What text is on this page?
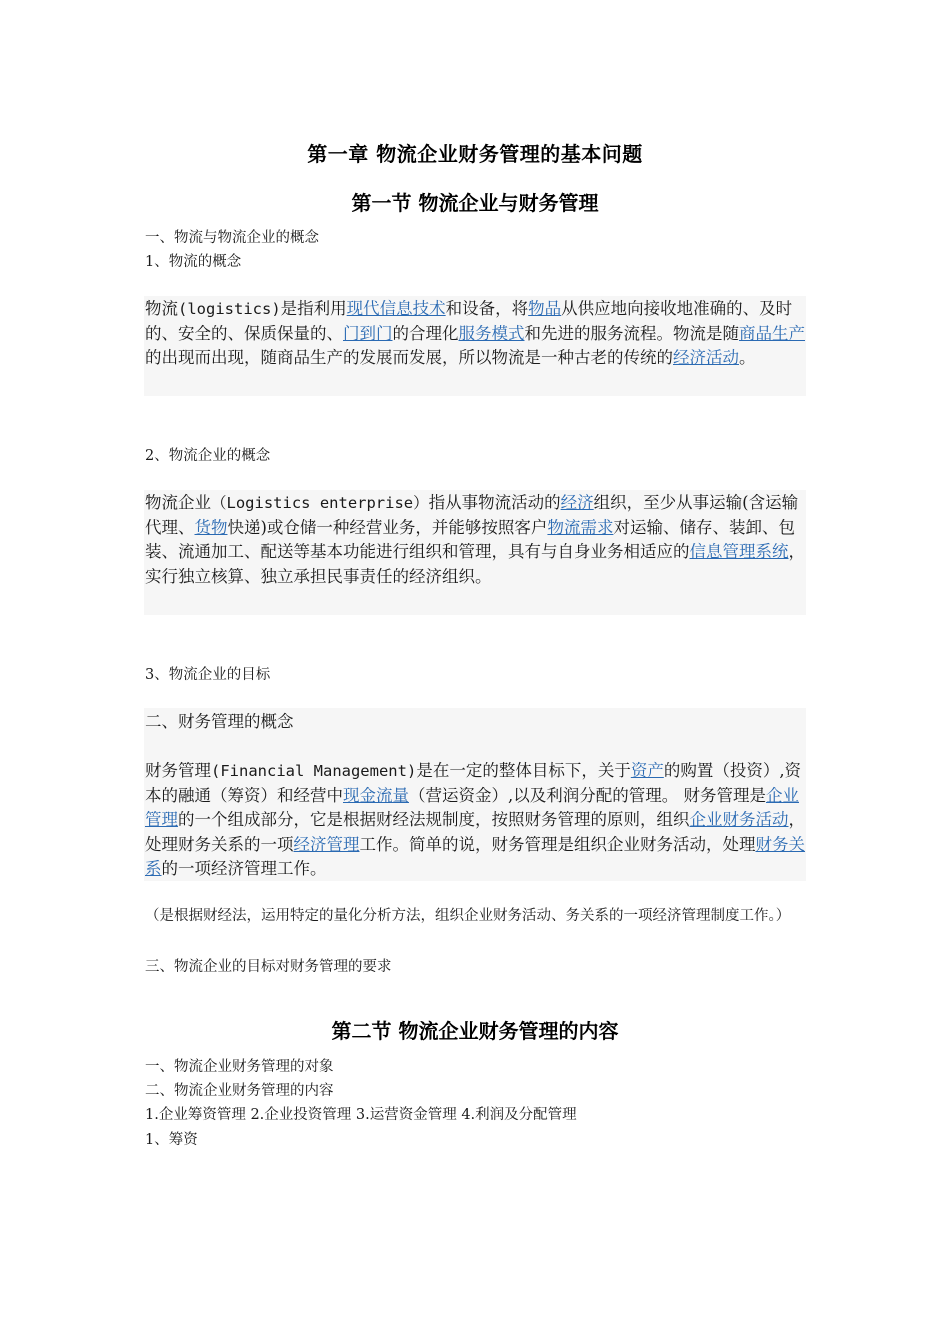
第一章 物流企业财务管理的基本问题
第一节 物流企业与财务管理
一、物流与物流企业的概念
1、物流的概念
物流(logistics)是指利用现代信息技术和设备，将物品从供应地向接收地准确的、及时的、安全的、保质保量的、门到门的合理化服务模式和先进的服务流程。物流是随商品生产的出现而出现，随商品生产的发展而发展，所以物流是一种古老的传统的经济活动。
2、物流企业的概念
物流企业（Logistics enterprise）指从事物流活动的经济组织，至少从事运输(含运输代理、货物快递)或仓储一种经营业务，并能够按照客户物流需求对运输、储存、装卸、包装、流通加工、配送等基本功能进行组织和管理，具有与自身业务相适应的信息管理系统，实行独立核算、独立承担民事责任的经济组织。
3、物流企业的目标
二、财务管理的概念
财务管理(Financial Management)是在一定的整体目标下，关于资产的购置（投资）,资本的融通（筹资）和经营中现金流量（营运资金）,以及利润分配的管理。 财务管理是企业管理的一个组成部分，它是根据财经法规制度，按照财务管理的原则，组织企业财务活动，处理财务关系的一项经济管理工作。简单的说，财务管理是组织企业财务活动，处理财务关系的一项经济管理工作。
（是根据财经法，运用特定的量化分析方法，组织企业财务活动、务关系的一项经济管理制度工作。）
三、物流企业的目标对财务管理的要求
第二节 物流企业财务管理的内容
一、物流企业财务管理的对象
二、物流企业财务管理的内容
1.企业筹资管理 2.企业投资管理 3.运营资金管理 4.利润及分配管理
1、筹资
